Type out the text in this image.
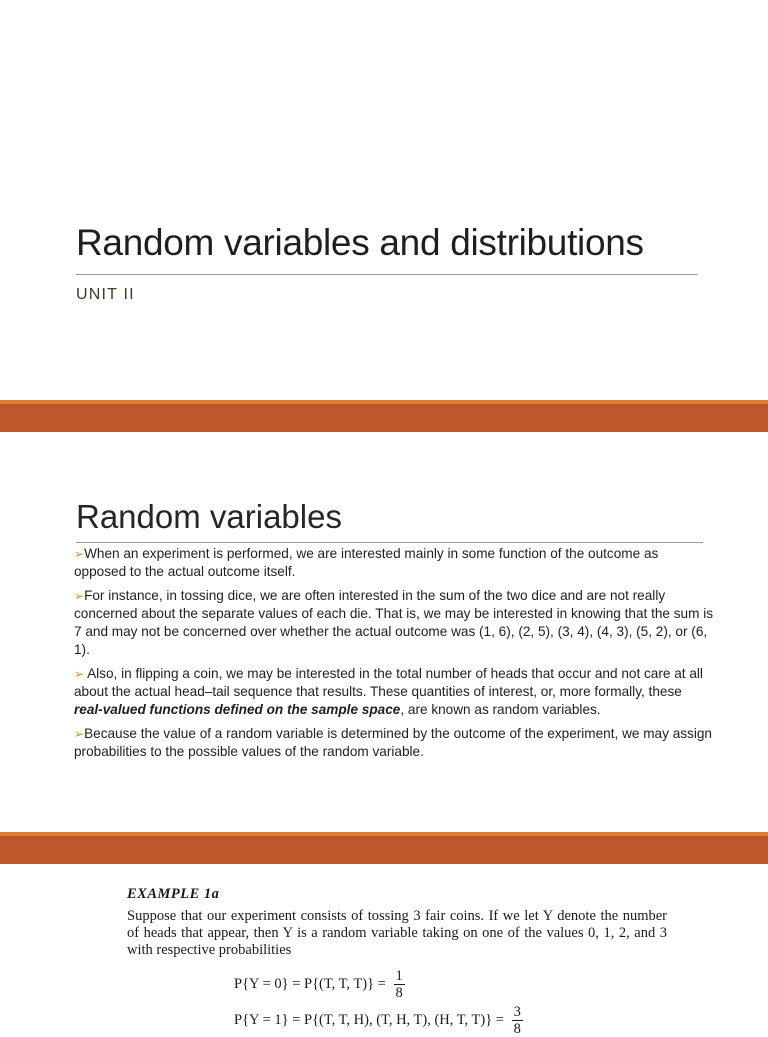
Random variables and distributions
UNIT II
Random variables
➢When an experiment is performed, we are interested mainly in some function of the outcome as opposed to the actual outcome itself.
➢For instance, in tossing dice, we are often interested in the sum of the two dice and are not really concerned about the separate values of each die. That is, we may be interested in knowing that the sum is 7 and may not be concerned over whether the actual outcome was (1, 6), (2, 5), (3, 4), (4, 3), (5, 2), or (6, 1).
➢ Also, in flipping a coin, we may be interested in the total number of heads that occur and not care at all about the actual head–tail sequence that results. These quantities of interest, or, more formally, these real-valued functions defined on the sample space, are known as random variables.
➢Because the value of a random variable is determined by the outcome of the experiment, we may assign probabilities to the possible values of the random variable.
EXAMPLE 1a
Suppose that our experiment consists of tossing 3 fair coins. If we let Y denote the number of heads that appear, then Y is a random variable taking on one of the values 0, 1, 2, and 3 with respective probabilities
P{Y = 0} = P{(T, T, $T)\} = \frac{1}{8}$
P{Y = 1} = P{(T, T, H), (T, H, T), (H, T, $T)\} = \frac{3}{8}$
